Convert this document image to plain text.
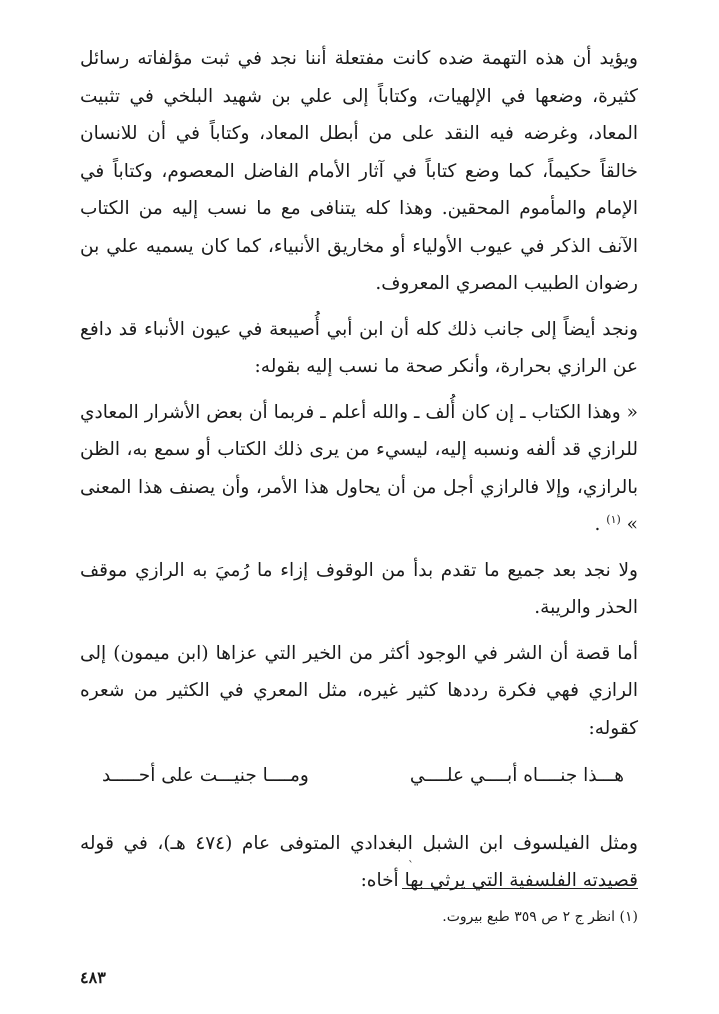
ويؤيد أن هذه التهمة ضده كانت مفتعلة أننا نجد في ثبت مؤلفاته رسائل كثيرة، وضعها في الإلهيات، وكتاباً إلى علي بن شهيد البلخي في تثبيت المعاد، وغرضه فيه النقد على من أبطل المعاد، وكتاباً في أن للانسان خالقاً حكيماً، كما وضع كتاباً في آثار الأمام الفاضل المعصوم، وكتاباً في الإمام والمأموم المحقين. وهذا كله يتنافى مع ما نسب إليه من الكتاب الآنف الذكر في عيوب الأولياء أو مخاريق الأنبياء، كما كان يسميه علي بن رضوان الطبيب المصري المعروف.

ونجد أيضاً إلى جانب ذلك كله أن ابن أبي أُصيبعة في عيون الأنباء قد دافع عن الرازي بحرارة، وأنكر صحة ما نسب إليه بقوله:

« وهذا الكتاب ـ إن كان أُلف ـ والله أعلم ـ فربما أن بعض الأشرار المعادي للرازي قد ألفه ونسبه إليه، ليسيء من يرى ذلك الكتاب أو سمع به، الظن بالرازي، وإلا فالرازي أجل من أن يحاول هذا الأمر، وأن يصنف هذا المعنى » $^{(١)}$ .

ولا نجد بعد جميع ما تقدم بدأ من الوقوف إزاء ما رُميَ به الرازي موقف الحذر والريبة.

أما قصة أن الشر في الوجود أكثر من الخير التي عزاها (ابن ميمون) إلى الرازي فهي فكرة رددها كثير غيره، مثل المعري في الكثير من شعره كقوله:

هـــذا جنــــاه أبــــي علــــي
ومــــا جنيـــت على أحـــــد

ومثل الفيلسوف ابن الشبل البغدادي المتوفى عام (٤٧٤ هـ)، في قوله قصيدته الفلسفية التي يرثي بها أخاه:

ˋ
(١) انظر ج ٢ ص ٣٥٩ طبع بيروت.
٤٨٣
